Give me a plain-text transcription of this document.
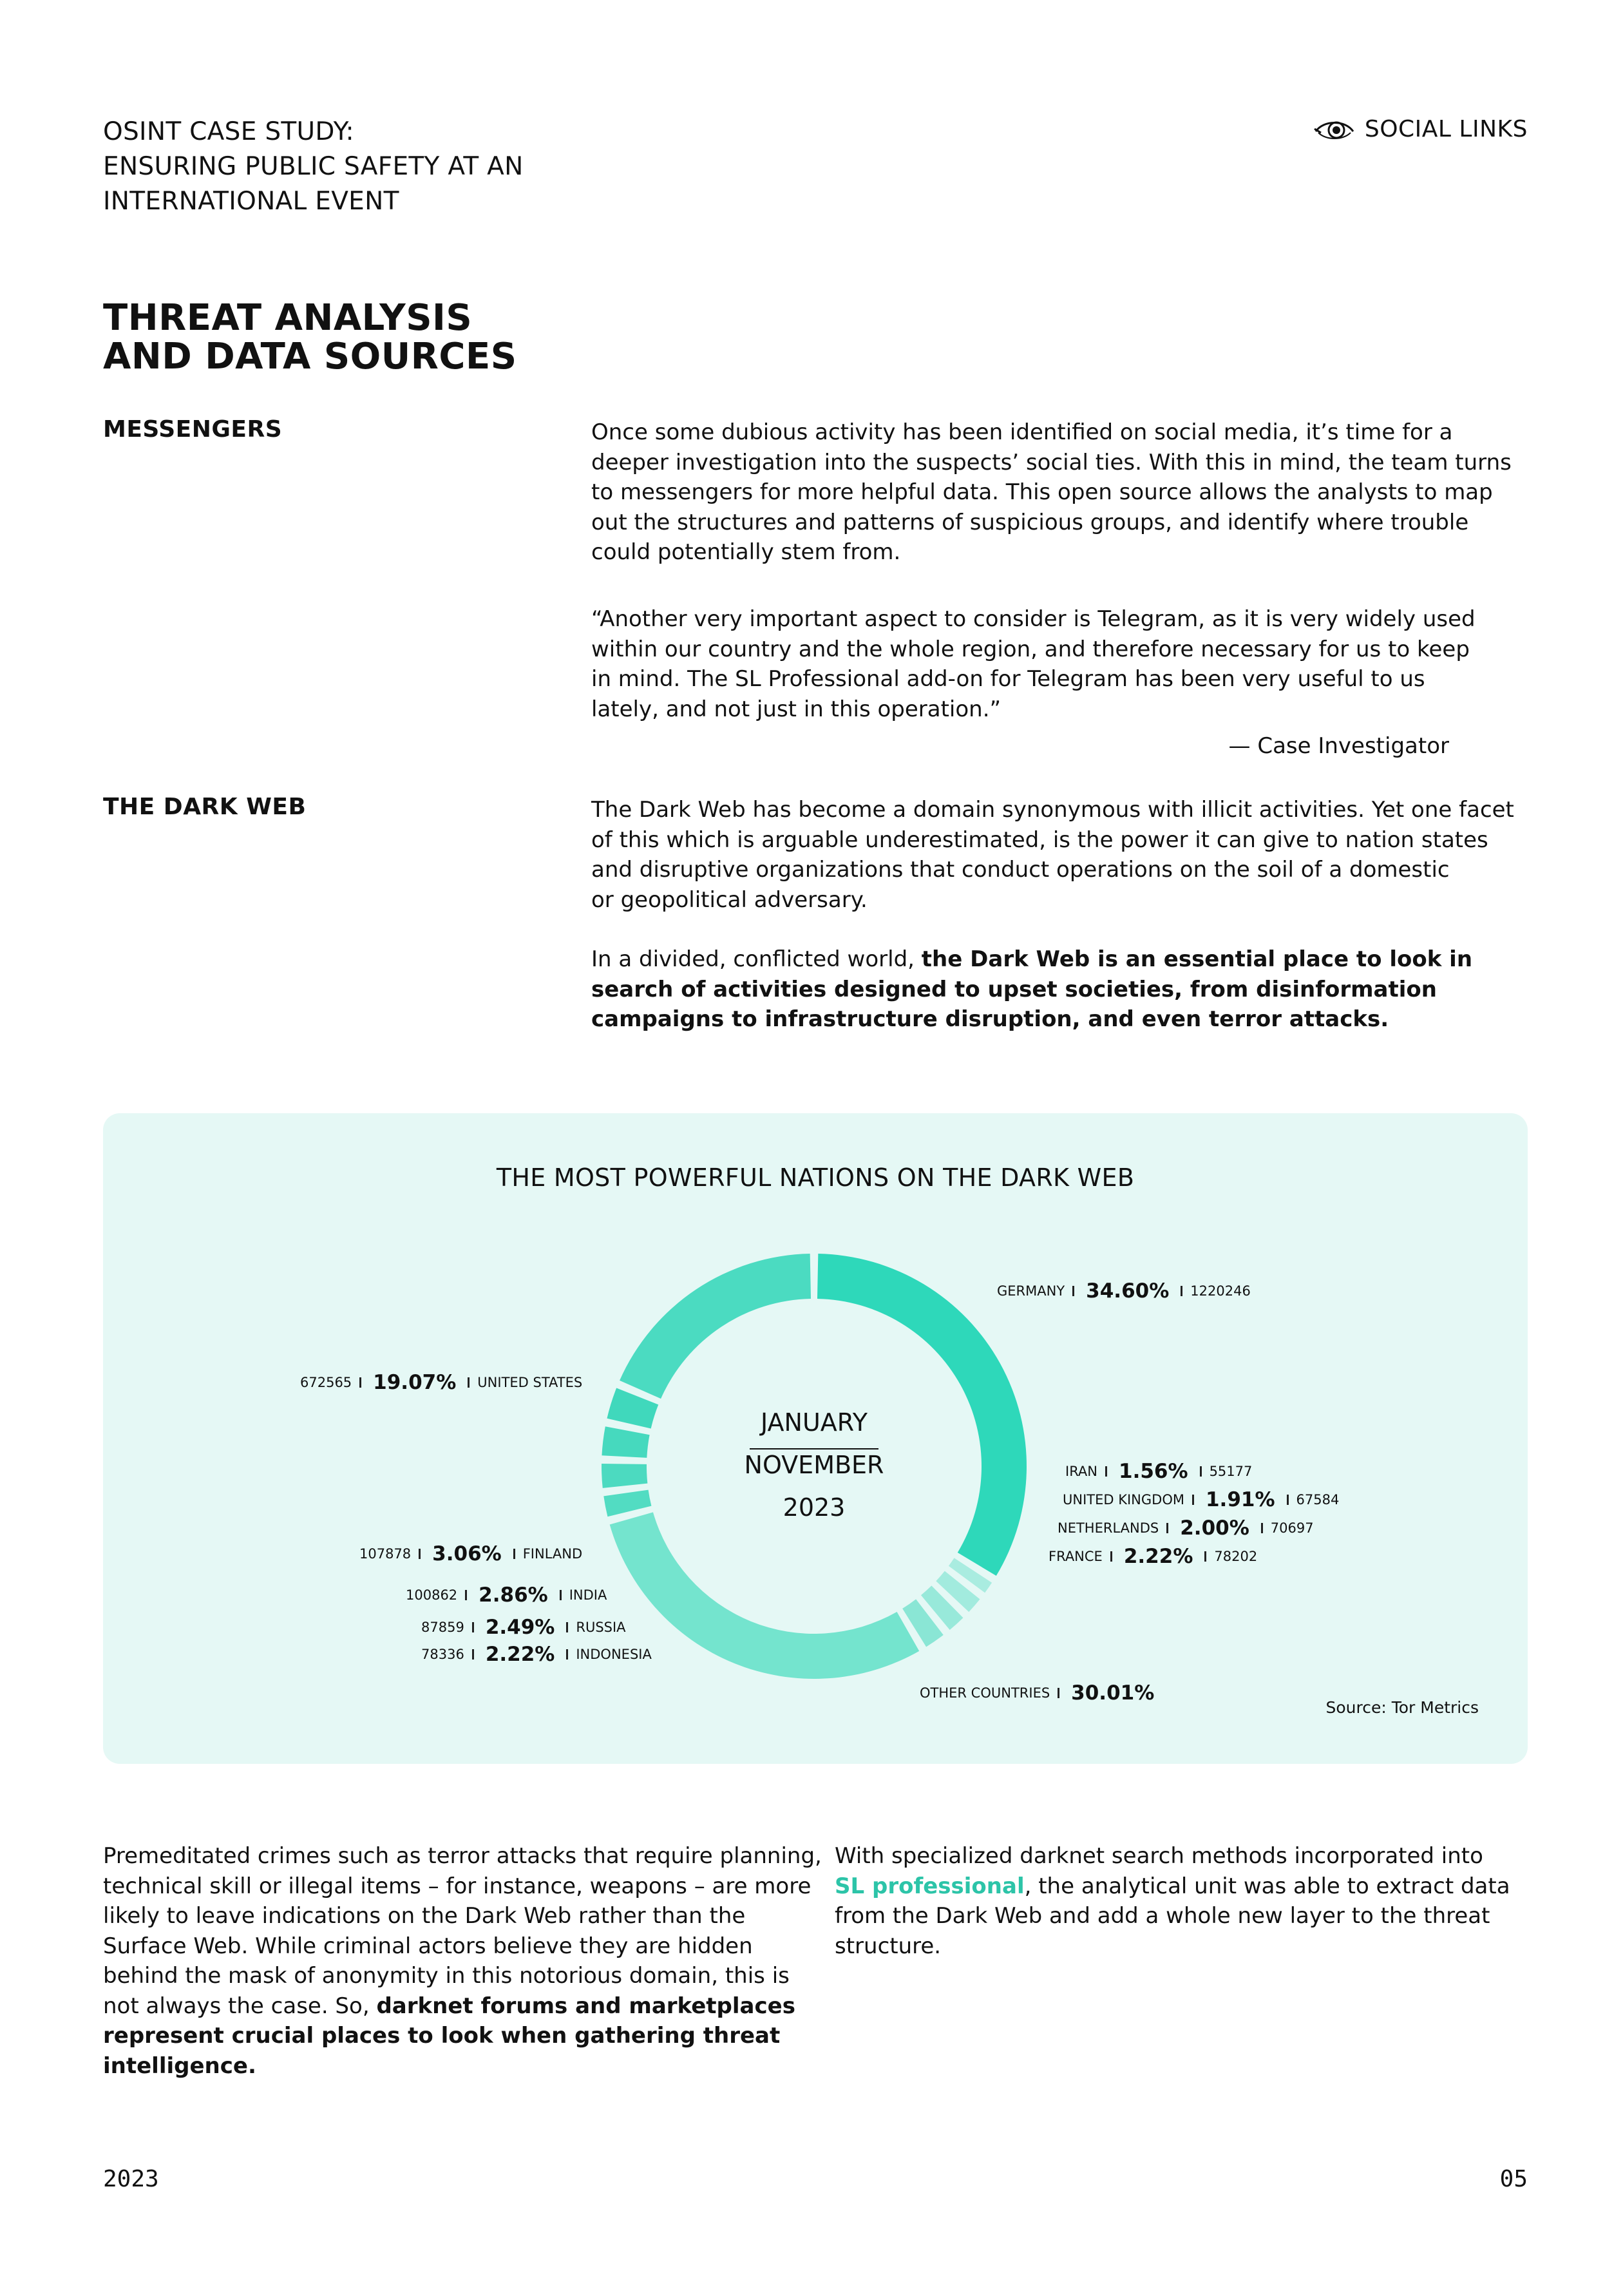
OSINT CASE STUDY:
ENSURING PUBLIC SAFETY AT AN
INTERNATIONAL EVENT
SOCIAL LINKS
THREAT ANALYSIS
AND DATA SOURCES
MESSENGERS	Once some dubious activity has been identified on social media, it’s time for a
deeper investigation into the suspects’ social ties. With this in mind, the team turns
to messengers for more helpful data. This open source allows the analysts to map
out the structures and patterns of suspicious groups, and identify where trouble
could potentially stem from.
“Another very important aspect to consider is Telegram, as it is very widely used
within our country and the whole region, and therefore necessary for us to keep
in mind. The SL Professional add-on for Telegram has been very useful to us
lately, and not just in this operation.”
— Case Investigator
THE DARK WEB	The Dark Web has become a domain synonymous with illicit activities. Yet one facet
of this which is arguable underestimated, is the power it can give to nation states
and disruptive organizations that conduct operations on the soil of a domestic
or geopolitical adversary.
In a divided, conflicted world, the Dark Web is an essential place to look in
search of activities designed to upset societies, from disinformation
campaigns to infrastructure disruption, and even terror attacks.
THE MOST POWERFUL NATIONS ON THE DARK WEB
JANUARY
NOVEMBER
2023
GERMANY 34.60% 1220246
IRAN 1.56% 55177
UNITED KINGDOM 1.91% 67584
NETHERLANDS 2.00% 70697
FRANCE 2.22% 78202
OTHER COUNTRIES 30.01%
78336 2.22% INDONESIA
87859 2.49% RUSSIA
100862 2.86% INDIA
107878 3.06% FINLAND
672565 19.07% UNITED STATES
Source: Tor Metrics
Premeditated crimes such as terror attacks that require planning,
technical skill or illegal items – for instance, weapons – are more
likely to leave indications on the Dark Web rather than the
Surface Web. While criminal actors believe they are hidden
behind the mask of anonymity in this notorious domain, this is
not always the case. So, darknet forums and marketplaces
represent crucial places to look when gathering threat
intelligence.
With specialized darknet search methods incorporated into
SL professional, the analytical unit was able to extract data
from the Dark Web and add a whole new layer to the threat
structure.
2023	05
